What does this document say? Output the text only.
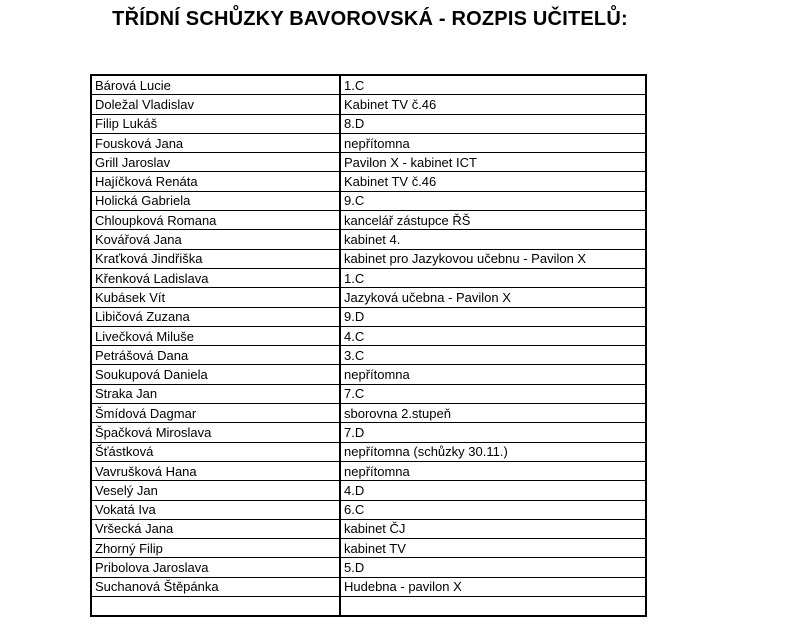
TŘÍDNÍ SCHŮZKY BAVOROVSKÁ - ROZPIS UČITELŮ:
Bárová Lucie	1.C
Doležal Vladislav	Kabinet TV č.46
Filip Lukáš	8.D
Fousková Jana	nepřítomna
Grill Jaroslav	Pavilon X - kabinet ICT
Hajíčková Renáta	Kabinet TV č.46
Holická Gabriela	9.C
Chloupková Romana	kancelář zástupce ŘŠ
Kovářová Jana	kabinet 4.
Kraťková Jindřiška	kabinet pro Jazykovou učebnu - Pavilon X
Křenková Ladislava	1.C
Kubásek Vít	Jazyková učebna - Pavilon X
Libičová Zuzana	9.D
Livečková Miluše	4.C
Petrášová Dana	3.C
Soukupová Daniela	nepřítomna
Straka Jan	7.C
Šmídová Dagmar	sborovna 2.stupeň
Špačková Miroslava	7.D
Šťástková	nepřítomna (schůzky 30.11.)
Vavrušková Hana	nepřítomna
Veselý Jan	4.D
Vokatá Iva	6.C
Vršecká Jana	kabinet ČJ
Zhorný Filip	kabinet TV
Pribolova Jaroslava	5.D
Suchanová Štěpánka	Hudebna - pavilon X
